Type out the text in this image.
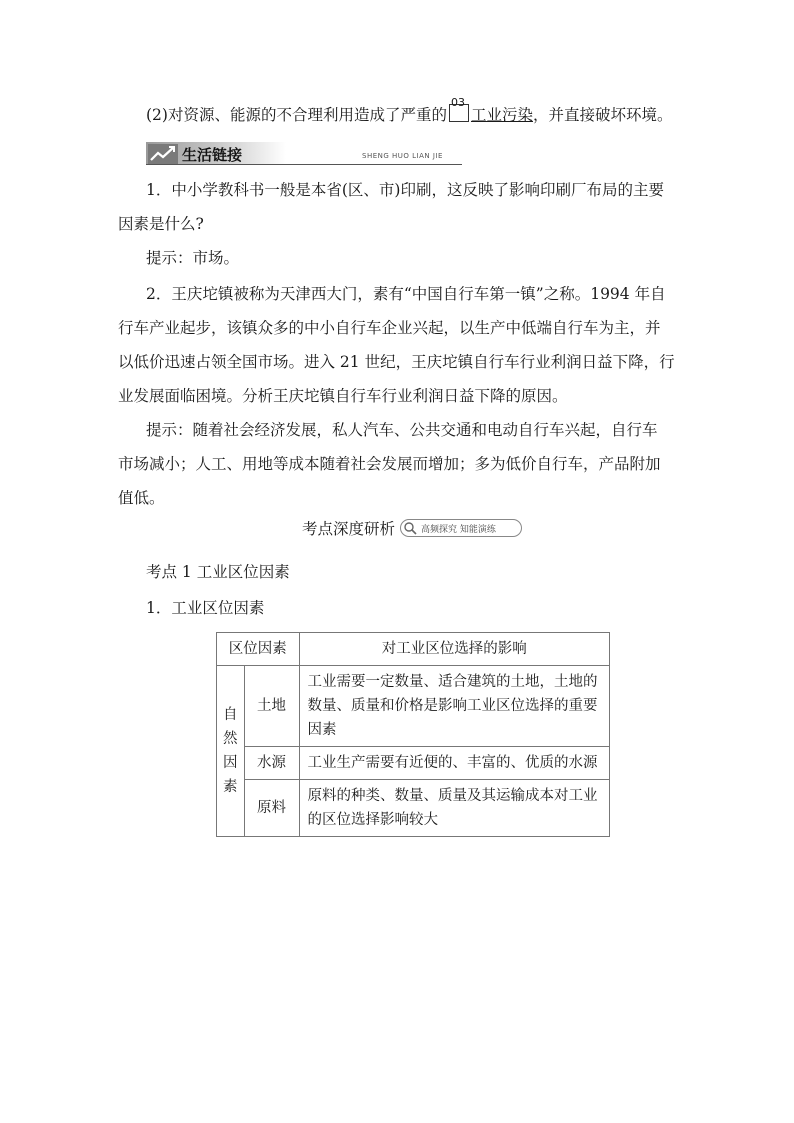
(2)对资源、能源的不合理利用造成了严重的
03
工业污染，并直接破坏环境。
生活链接	SHENG HUO LIAN JIE
1．中小学教科书一般是本省(区、市)印刷，这反映了影响印刷厂布局的主要
因素是什么?
提示：市场。
2．王庆坨镇被称为天津西大门，素有“中国自行车第一镇”之称。1994 年自
行车产业起步，该镇众多的中小自行车企业兴起，以生产中低端自行车为主，并
以低价迅速占领全国市场。进入 21 世纪，王庆坨镇自行车行业利润日益下降，行
业发展面临困境。分析王庆坨镇自行车行业利润日益下降的原因。
提示：随着社会经济发展，私人汽车、公共交通和电动自行车兴起，自行车
市场减小；人工、用地等成本随着社会发展而增加；多为低价自行车，产品附加
值低。
考点深度研析	高频探究 知能演练
考点 1 工业区位因素
1．工业区位因素
区位因素		对工业区位选择的影响
自然因素	土地	工业需要一定数量、适合建筑的土地，土地的数量、质量和价格是影响工业区位选择的重要因素
	水源	工业生产需要有近便的、丰富的、优质的水源
	原料	原料的种类、数量、质量及其运输成本对工业的区位选择影响较大
